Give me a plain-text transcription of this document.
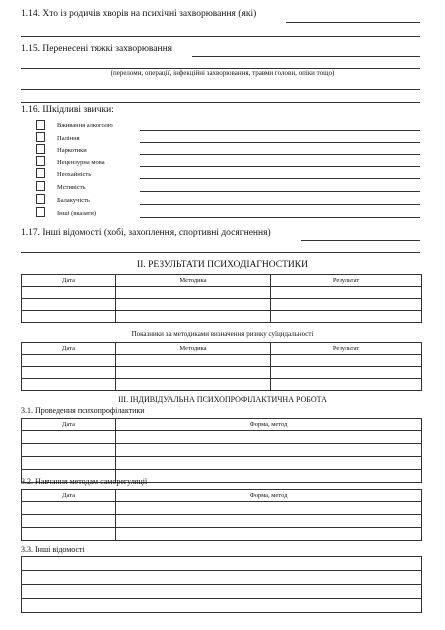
1.14. Хто із родичів хворів на психічні захворювання (які)
1.15. Перенесені тяжкі захворювання
(переломи, операції, інфекційні захворювання, травми голови, опіки тощо)
1.16. Шкідливі звички:
Вживання алкоголю
Паління
Наркотики
Нецензурна мова
Неохайність
Мстивість
Балакучість
Інші (вказати)
1.17. Інші відомості (хобі, захоплення, спортивні досягнення)
ІІ. РЕЗУЛЬТАТИ ПСИХОДІАГНОСТИКИ
Дата	Методика	Результат

Показники за методиками визначення ризику суїцидальності
Дата	Методика	Результат

ІІІ. ІНДИВІДУАЛЬНА ПСИХОПРОФІЛАКТИЧНА РОБОТА
3.1. Проведення психопрофілактики
Дата	Форма, метод

3.2. Навчання методам саморегуляції
Дата	Форма, метод

3.3. Інші відомості
